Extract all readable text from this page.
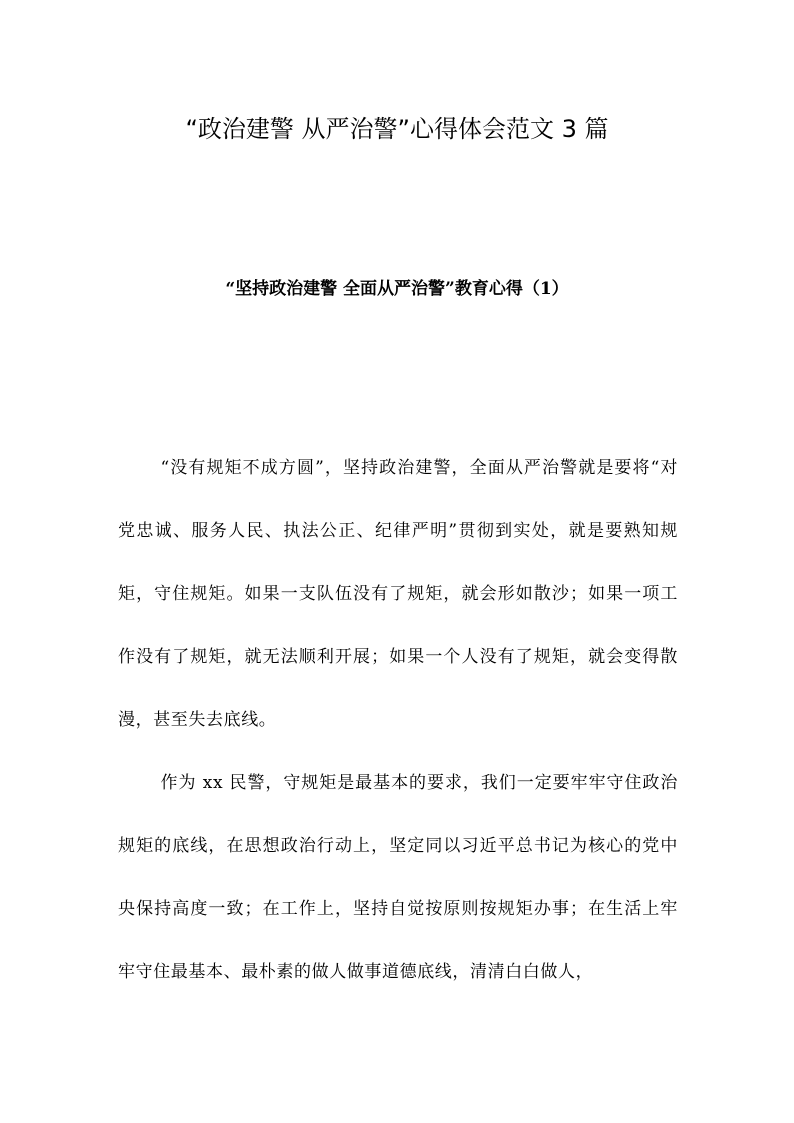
“政治建警 从严治警”心得体会范文 3 篇
“坚持政治建警 全面从严治警”教育心得（1）

“没有规矩不成方圆”，坚持政治建警，全面从严治警就是要将“对党忠诚、服务人民、执法公正、纪律严明”贯彻到实处，就是要熟知规矩，守住规矩。如果一支队伍没有了规矩，就会形如散沙；如果一项工作没有了规矩，就无法顺利开展；如果一个人没有了规矩，就会变得散漫，甚至失去底线。

作为 xx 民警，守规矩是最基本的要求，我们一定要牢牢守住政治规矩的底线，在思想政治行动上，坚定同以习近平总书记为核心的党中央保持高度一致；在工作上，坚持自觉按原则按规矩办事；在生活上牢牢守住最基本、最朴素的做人做事道德底线，清清白白做人，
